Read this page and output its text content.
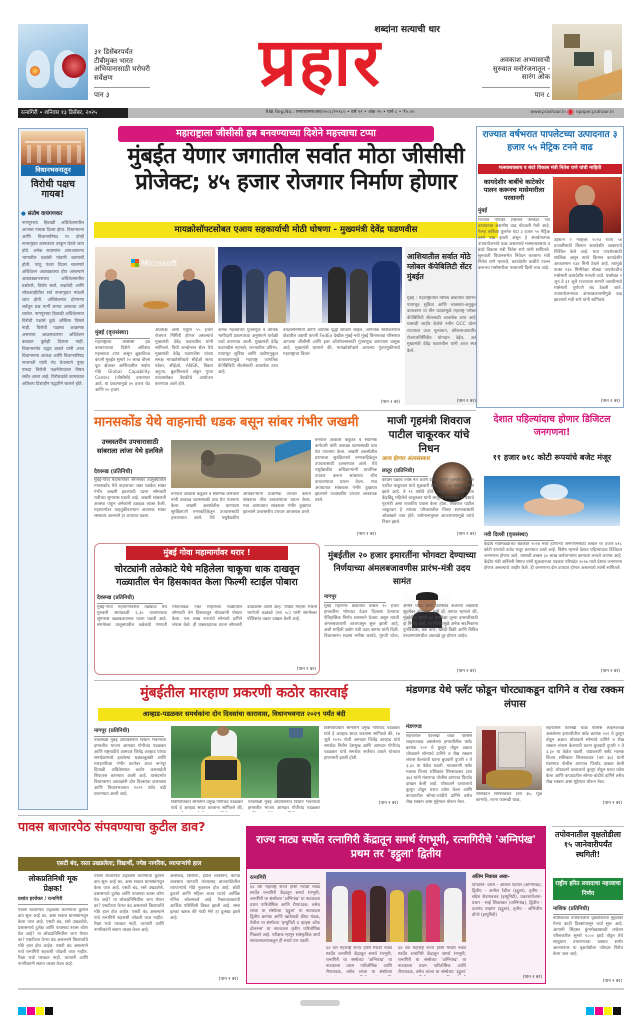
३१ डिसेंबरपर्यंत टीबीमुक्त भारत अभियानासाठी घरोघरी सर्वेक्षण
पान ३
शब्दांना सत्याची धार
प्रहार	अवकाश अभ्यासाची सुरुवात मनोरंजनातून - सारंग ओक
पान ८
रत्नागिरी • शनिवार १३ डिसेंबर, २०२५	RNI Reg.No.: एमएचएमएआर/२००८/२५९८० • वर्ष २२ • अंक २५ • पाने ८ • ₹५.००	www.prashaar.in ◉ epaper.prahaar.in
विधानभवनातून
विरोधी पक्षच गायब!
● संतोष वायंगणकर
नागपूरच्या हिवाळी अधिवेशनातील आजचा पाचवा दिवस होता. विधानसभा आणि विधानपरिषद या दोन्ही सभागृहात कामकाज उरकून घेतले जात होते. अनेक सदस्यांना आपआपल्या भागातील प्रश्नांची मांडणी करायची होती. परंतु पंधरा दिवस चालणारे अधिवेशन आठवड्याचा होत असल्याने आठवड्याभराच्या अधिवेशनातील प्रश्नोत्तरे, विशेष चर्चा, लक्षवेधी आणि लोकशाहीतील सर्व सभागृहात मांडली जात होती. अधिवेशनात होणाऱ्या चर्चेतून प्रश्न मार्गी लागत असतात तरी चालेल. नागपूरच्या हिवाळी अधिवेशनात विरोधी पक्षाचे कुठे अस्तित्व दिसले नाही. विरोधी पक्षाचा आक्रमक असणारा आक्रमकपणा अधिवेशन काळात कुठेही दिसला नाही. विधानसभेत उद्धव ठाकरे यांनी आज विधानसभा अध्यक्ष आणि विधानपरिषद सभापती यांची भेट घेतल्याने पुन्हा एकदा विरोधी पक्षनेतेपदाचा विषय चर्चेत आला आहे. विरोधकांचे कामकाज अतिशय दिशाहीन पद्धतीने चालले होते.
महाराष्ट्राला जीसीसी हब बनवण्याच्या दिशेने महत्त्वाचा टप्पा
मुंबईत येणार जगातील सर्वात मोठा जीसीसी प्रोजेक्ट; ४५ हजार रोजगार निर्माण होणार
मायक्रोसॉफ्टसोबत एआय सहकार्याची मोठी घोषणा - मुख्यमंत्री देवेंद्र फडणवीस
Microsoft
मुंबई (वृत्तसंस्था)
महाराष्ट्राला जीसीसी हब बनवण्याच्या दिशेने अतिशय महत्त्वाचा टप्पा असून ब्रूकफील्ड कंपनी मुंबईत सुमारे २० लाख चौरस फूट क्षेत्रावर आशियातील सर्वात मोठे Global Capability Center (जीसीसी) उभारणार आहे. या प्रकल्पामुळे ४५ हजार थेट आणि १० हजार
अप्रत्यक्ष अशी एकूण ५५ हजार रोजगार निर्मिती होणार असल्याचे मुख्यमंत्री देवेंद्र फडणवीस यांनी सांगितले. विधी कन्व्हेन्शन सेंटर येथे मुख्यमंत्री देवेंद्र फडणवीस यांच्या समक्ष मायक्रोसॉफ्टचे सीईओ सत्या नडेला, सीईओ, ANSR, विक्रम अहुजा, ब्रूकफिल्डचे अंकुर गुप्ता यांच्यासोबत बैठकीचे आयोजन करण्यात आले होते.
अनेक महत्त्वाच्या गुंतवणूक व तांत्रिक भागीदारी प्रकल्पांच्या अनुषंगाने यावेळी चर्चा करण्यात आली. मुख्यमंत्री देवेंद्र फडणवीस म्हणाले, राज्यातील प्रतिभा, पायाभूत सुविधा आणि उद्योगानुकूल वातावरणामुळे महाराष्ट्र जागतिक कॅपेबिलिटी सेंटर्ससाठी आकर्षक ठरत आहे.
तंत्रज्ञाननिर्मिती आणि आर्थिक वृद्धी साधली जाईल. जागतिक स्तरीकरणात क्षेत्रातील अग्रणी कंपनी FedEx देखील मुंबई-नवी मुंबई विमानतळ परिसरात आपल्या जीसीसी आणि इतर ऑपरेशन्ससाठी गुंतवणूक करण्यास उत्सुक आहे. मुख्यमंत्री म्हणाले की, मायक्रोसॉफ्टने आपल्या गुंतवणुकीमध्ये महाराष्ट्राचा विचार
(पान २ वर)
आशियातील सर्वात मोठे ग्लोबल कॅपेबिलिटी सेंटर मुंबईत
मुंबई : महाराष्ट्रातील विविध क्षेत्रातील प्रतिभा, पायाभूत सुविधा आणि व्यवसाय-अनुकूल वातावरण या तीन घटकांमुळे महाराष्ट्र ग्लोबल कॅपेबिलिटी सेंटरसाठी आकर्षक ठरत आहे. यासाठी जाहीर केलेले नवीन GCC धोरण राज्याला उच्च मूल्यवान, कौशल्यआधारित रोजगारनिर्मितीत योगदान देईल, असे मुख्यमंत्री देवेंद्र फडणवीस यांनी आज स्पष्ट केले.
(पान २ वर)
राज्यात वर्षभरात पापलेटच्या उत्पादनात ३ हजार ५५ मेट्रिक टनने वाढ
मत्स्यव्यवसाय व बंदरे विकास मंत्री नितेश राणे यांची माहिती
कायदेशीर बाबींचे काटेकोर पालन करूनच मासेमारीला परवानगी
मुंबई
राज्यात पापलेट (सिल्वर पॉम्फ्रेट) च्या उत्पादनात लक्षणीय वाढ नोंदवली गेली आहे. गेल्या वर्षीच्या तुलनेत यंदा ३ हजार ५५ मेट्रिक टनने वाढ झाली असून हे संवर्धनात्मक उपाययोजनांचे फळ असल्याचे मत्स्यव्यवसाय व बंदरे विकास मंत्री नितेश राणे यांनी सांगितले. सुरुवाती विधानसभेत निवेदन करताना मंत्री नितेश राणे म्हणाले, कायदेशीर बाबींचे पालन करूनच मासेमारीला परवानगी दिली जात आहे.
उद्देशाने २ नोव्हेंबर २०२३ रोजी ५४ प्रजातींसाठी किमान कायदेशीर आकाराचे निश्चित केले आहे. यात पापलेटसाठी सात्विक असून त्यांचे किमान कायदेशीर आकारमान १३४ मिमी ठेवले आहे. त्यामुळे फक्त १३४ मिमीपेक्षा मोठ्या पापलेटचीच मासेमारी कायदेशीर मानली जाते. यासोबत १ जून ते ३१ जुलै राज्याच्या सागरी जलधीमध्ये मासेमारी पूर्णपणे बंद ठेवली जाते. उपाययोजनांच्या अंमलबजावणीमुळे वाढ झाल्याचे मंत्री राणे यांनी सांगितले.
(पान २ वर)
मानसकोंड येथे वाहनाची धडक बसून सांबर गंभीर जखमी
उच्चस्तरीय उपचारासाठी सांबराला लांजा येथे हलविले
देवरूख (प्रतिनिधी)
मुंबई-गोवा महामार्गावर संगमेश्वर तालुक्यातील मानसकोंड येथे वाहनाच्या जबर धडकेत सांबर गंभीर जखमी झाल्याची घटना सोमवारी रात्रीच्या सुमारास घडली आहे. जखमी सांबराची अवस्था पाहून अनेकांनी हळहळ व्यक्त केली. महामार्गावर वाहतुकीदरम्यान अचानक सांबर रस्त्यावर आल्याने हा अपघात घडला.
वनपाल आकाश कडूकर व स्थानिक कर्मचारी यांनी तत्काळ घटनास्थळी धाव घेत पंचनामा केला. जखमी अवस्थेतील प्राण्याला सुरक्षितपणे रुग्णवाहिकेतून उपचारासाठी हलवण्यात आले. येथे पशुवैद्यकीय अधिकाऱ्यांनी प्राथमिक उपचार करून सांबराचा जीव वाचवण्याचा प्रयत्न केला. मात्र अपघातात सांबराला गंभीर दुखापत झाल्याने उच्चस्तरीय उपचार आवश्यक ठरले.
वनपाल आकाश कडूकर व स्थानिक कर्मचारी यांनी तत्काळ घटनास्थळी धाव घेत पंचनामा केला. जखमी अवस्थेतील प्राण्याला सुरक्षितपणे रुग्णवाहिकेतून उपचारासाठी हलवण्यात आले. येथे पशुवैद्यकीय अधिकाऱ्यांनी प्राथमिक उपचार करून सांबराचा जीव वाचवण्याचा प्रयत्न केला. मात्र अपघातात सांबराला गंभीर दुखापत झाल्याने उच्चस्तरीय उपचार आवश्यक ठरले.
(पान २ वर)
माजी गृहमंत्री शिवराज पाटील चाकूरकर यांचे निधन
आज होणार अंत्यसंस्कार
लातूर (प्रतिनिधी)
काँग्रेस पक्षाचे ज्येष्ठ नेते आणि देशाचे माजी गृहमंत्री शिवराज पाटील चाकूरकर यांचे शुक्रवारी सकाळी ६.३० वाजता निधन झाले आहे. ते ९१ वर्षांचे होते. लातूरच्या राजकारणाचा केंद्रबिंदू राहिलेले चाकूरकर यांनी लातूरचे नगराध्यक्ष ते देशाचे गृहमंत्री असा राजकीय प्रवास केला होता. शिवराज पाटील चाकूरकर हे त्यांच्या परिवारातील विनम्र स्वभावासाठी ओळखले जात होते. वयोमानानुसार आजारपणामुळे त्यांचे निधन झाले.
(पान २ वर)
देशात पहिल्यांदाच होणार डिजिटल जनगणना!
११ हजार ७१८ कोटी रूपयांचे बजेट मंजूर
नवी दिल्ली (वृत्तसंस्था)
केंद्रीय मंत्रिमंडळाच्या बैठकीत २०२७ मध्ये होणाऱ्या जनगणनेसाठी तब्बल ११ हजार ७१८ कोटी रुपयांचे बजेट मंजूर करण्यात आले आहे. विशेष म्हणजे देशात पहिल्यांदाच डिजिटल जनगणना होणार आहे. यासाठी तब्बल ३० लाख कर्मचाऱ्यांना कामाला लावले जाणार आहे. केंद्रीय मंत्री अश्विनी वैष्णव यांनी शुक्रवारच्या पत्रकार परिषदेत २०२७ मध्ये देशात जनगणना होणार असल्याचे जाहीर केले. ही जनगणना दोन टप्प्यात होणार असल्याचे त्यांनी सांगितले.
(पान २ वर)
मुंबई गोवा महामार्गावर थरार !
चोरट्यांनी तळेकांटे येथे महिलेला चाकूचा धाक दाखवून गळ्यातील चेन हिसकावत केला फिल्मी स्टाईल पोबारा
देवरूख (प्रतिनिधी)
मुंबई-गोवा महामार्गावरील तळेकांटे येथे गुरुवारी सायंकाळी ६.३० वाजण्याच्या सुमारास खळबळजनक घटना घडली आहे. संगमेश्वर तालुक्यातील तळेकांटे गणपती मंदिरजवळ एका महिलेच्या गळ्यातील सोन्याची चेन हिसकावून चोरट्यांनी पोबारा केला. एक लाख रुपयांचे सोन्याचे दागिने लंपास केले. ही धक्कादायक घटना सोमवारी उघडकीस आली आहे. पीडित महिला भारती भागोजी कळंबटे (वय ५८) यांनी संगमेश्वर पोलिसांत तक्रार दाखल केली आहे.
(पान २ वर)
मुंबईतील २० हजार इमारतींना भोगवटा देण्याच्या निर्णयाच्या अंमलबजावणीस प्रारंभ-मंत्री उदय सामंत
नागपूर
मुंबई महानगर क्षेत्रातील तब्बल २० हजार इमारतींना भोगवटा देऊन दिलासा देण्याचा ऐतिहासिक निर्णय शासनाने घेतला असून त्याची अंमलबजावणी आजपासून सुरू झाली आहे, अशी माहिती उद्योग मंत्री उदय सामंत यांनी दिली. विधानसभा सदस्य मनीषा कायंदे, मुरजी पटेल, अमीन पटेल यांनी उपस्थित केलेल्या लक्षवेधी सूचनेवर बोलताना मंत्री डॉ. सामंत म्हणाले की, मुंबईतील सुमारे ५० वर्षांपेक्षा जुन्या इमारतींसाठी हा निर्णय आहे. या निर्णयामुळे अनेक सदनिकांना पुनर्विकास, बँक कर्ज, खरेदी-विक्री आणि विविध परवानग्यांमधील अडथळे दूर होणार आहेत.
(पान २ वर)
मुंबईतील मारहाण प्रकरणी कठोर कारवाई
आव्हाड-पडळकर समर्थकांना दोन दिवसांचा कारावास, विधानभवनात २०२९ पर्यंत बंदी
नागपूर (प्रतिनिधी)
पावसाळी मुंबई अधिवेशनात विधान भवनाच्या इमारतीत भाजप आमदार गोपीचंद पडळकर आणि राष्ट्रवादीचे आमदार जितेंद्र आव्हाड यांच्या समर्थकांमध्ये झालेल्या धक्काबुक्की आणि मारहाणीच्या गंभीर घटनेवर आज नागपूर हिवाळी अधिवेशनात कठोर कारवाईची शिफारस करण्यात आली आहे. यासंदर्भात विधानसभा अध्यक्षांनी दोन दिवसांचा कारावास आणि विधानभवनात २०२९ पर्यंत बंदी घालण्यात आली आहे.
विशेषाधिकार समितीने प्रमुख गोपीचंद पडळकर यांचे हे आव्हाड सादर करताना सांगितले की,
पावसाळी मुंबई अधिवेशनात विधान भवनाच्या इमारतीत भाजप आमदार गोपीचंद पडळकर
विशेषाधिकार समितीने प्रमुख गोपीचंद पडळकर यांचे हे आव्हाड सादर करताना सांगितले की, १७ जुलै २०२५ रोजी आमदार जितेंद्र आव्हाड यांचे समर्थक नितीन देशमुख आणि आमदार गोपीचंद पडळकर यांचे समर्थक सर्जेराव टकले यांच्यात हाणामारी झाली होती.
(पान २ वर)
मंडणगड येथे फ्लॅट फोडून चोरट्याकडून दागिने व रोख रक्कम लंपास
मंडणगड
शहरातील फारुखी चाळ पोलीस लाइनजवळ असलेल्या इमारतीतील फ्लॅट क्रमांक २०१ चे कुलूप तोडून अज्ञात चोरट्याने सोन्याचे दागिने व रोख रक्कम लंपास केल्याची घटना बुधवारी दुपारी २ ते ३.३० या वेळेत घडली. याप्रकरणी फ्लॅट मालक विजय शशिकांत शिरसाठकर (वय ३७) यांनी मंडणगड पोलीस ठाण्यात फिर्याद दाखल केली आहे. चोरट्याने दरवाजाचे कुलूप तोडून घरात प्रवेश केला आणि कपाटातील सोन्या-चांदीचे दागिने तसेच रोख रक्कम असा मुद्देमाल चोरून नेला.
शशिकांत शिरसाठकर (वय ३७, मूळ कामथे), राज्य फारुखी चाळ,
शहरातील फारुखी चाळ पोलीस लाइनजवळ असलेल्या इमारतीतील फ्लॅट क्रमांक २०१ चे कुलूप तोडून अज्ञात चोरट्याने सोन्याचे दागिने व रोख रक्कम लंपास केल्याची घटना बुधवारी दुपारी २ ते ३.३० या वेळेत घडली. याप्रकरणी फ्लॅट मालक विजय शशिकांत शिरसाठकर (वय ३७) यांनी मंडणगड पोलीस ठाण्यात फिर्याद दाखल केली आहे. चोरट्याने दरवाजाचे कुलूप तोडून घरात प्रवेश केला आणि कपाटातील सोन्या-चांदीचे दागिने तसेच रोख रक्कम असा मुद्देमाल चोरून नेला.
(पान २ वर)
पावस बाजारपेठ संपवण्याचा कुटील डाव?
एसटी बंद, रस्ता उखडलेला; विद्यार्थी, ज्येष्ठ नागरिक, व्यापाऱ्यांचे हाल
लोकप्रतिनिधी मूक प्रेक्षक!
प्रशांत हरचेकर / रत्नागिरी
पावस बाजारपेठ उद्ध्वस्त करण्याचा कुटील डाव सुरू आहे का, असा सवाल ग्रामस्थांमधून केला जात आहे. एसटी बंद, रस्ते उखडलेले, प्रशासनाचे दुर्लक्ष आणि पावसचा श्वास कोण घेत आहे? या लोकप्रतिनिधींना जाग येणार का? एसटीच्या फेऱ्या बंद असल्याने विद्यार्थ्यांचे मोठे हाल होत आहेत. एसटी बंद असल्याने गावे रत्नागिरी शहराशी जोडली जात नाहीत. रिक्षा भाडे परवडत नाही. व्यापारी आणि नागरिकांनी संताप व्यक्त केला आहे.
पावस बाजारपेठ उद्ध्वस्त करण्याचा कुटील डाव सुरू आहे का, असा सवाल ग्रामस्थांमधून केला जात आहे. एसटी बंद, रस्ते उखडलेले, प्रशासनाचे दुर्लक्ष आणि पावसचा श्वास कोण घेत आहे? या लोकप्रतिनिधींना जाग येणार का? एसटीच्या फेऱ्या बंद असल्याने विद्यार्थ्यांचे मोठे हाल होत आहेत. एसटी बंद असल्याने गावे रत्नागिरी शहराशी जोडली जात नाहीत. रिक्षा भाडे परवडत नाही. व्यापारी आणि नागरिकांनी संताप व्यक्त केला आहे.
अलीकडे, किराणा, हॉटेल व्यवसाय, कापड व्यवसाय व्यापारी यांच्यासह बाजारपेठेतील व्यापाऱ्यांचे मोठे नुकसान होत आहे. छोटी दुकाने आणि महिला बचत गटांचे आर्थिक गणित कोलमडले आहे. रिक्षाचालकांची आर्थिक परिस्थिती बिकट झाली आहे. रस्ता इतका खराब की गाडी नेणे हा दुःस्वप्न झाले आहे.
(पान २ वर)
राज्य नाट्य स्पर्धेत रत्नागिरी केंद्रातून समर्थ रंगभूमी, रत्नागिरीचे 'अग्निपंख' प्रथम तर 'इट्ठुला' द्वितीय
रत्नागिरी
६४ व्या महाराष्ट्र राज्य हौशी मराठी नाट्य स्पर्धेत रत्नागिरी केंद्रातून समर्थ रंगभूमी, रत्नागिरी या संस्थेच्या 'अग्निपंख' या नाटकाला प्रथम पारितोषिक आणि रौप्यपदक, तसेच लांजा या संस्थेच्या 'इट्ठुला' या नाटकाला द्वितीय क्रमांक आणि खाडेवाडी क्रीडा मंडळ, येथील या संस्थेच्या 'इम्युनिटी द व्हाइस ऑफ टॉलरन्स' या नाटकाला तृतीय पारितोषिक मिळाले आहे. परीक्षक म्हणून सांस्कृतिक कार्य संचालनालयाकडून ही स्पर्धा पार पडली.
६४ व्या महाराष्ट्र राज्य हौशी मराठी नाट्य स्पर्धेत रत्नागिरी केंद्रातून समर्थ रंगभूमी, रत्नागिरी या संस्थेच्या 'अग्निपंख' या नाटकाला प्रथम पारितोषिक आणि रौप्यपदक, तसेच लांजा या संस्थेच्या
६४ व्या महाराष्ट्र राज्य हौशी मराठी नाट्य स्पर्धेत रत्नागिरी केंद्रातून समर्थ रंगभूमी, रत्नागिरी या संस्थेच्या 'अग्निपंख' या नाटकाला प्रथम पारितोषिक आणि रौप्यपदक, तसेच लांजा या संस्थेच्या 'इट्ठुला'
अंतिम निकाल असा-
दिग्दर्शन- प्रथम - ओंकार पाटील (अग्निपंख), द्वितीय - अमोल रेडीज (इट्ठुला), तृतीय - संदेश शेडगावकर (इम्युनिटी), प्रकाशयोजना- प्रथम - साई शिवलकर (अग्निपंख), द्वितीय - दयानंद चव्हाण (इट्ठुला), तृतीय - अभिजीत डोंगरे (इम्युनिटी)
(पान २ वर)
तपोवनातील वृक्षतोडीला १५ जानेवारीपर्यंत स्थगिती!
राष्ट्रीय हरित लवादाचा महत्त्वाचा निर्णय
नाशिक (प्रतिनिधी)
नाशिकच्या तपोवनातील वृक्षतोडीच्या मुद्द्यावर गेल्या काही दिवसांपासून चर्चा सुरू आहे. आगामी सिंहस्थ कुंभमेळ्यासाठी तपोवन परिसरातील सुमारे १८०० झाडे तोडून तेथे साधुग्राम उभारण्याचा प्रस्ताव समोर आल्यानंतर या वृक्षतोडीला जोरदार विरोध केला जात आहे.
(पान २ वर)
